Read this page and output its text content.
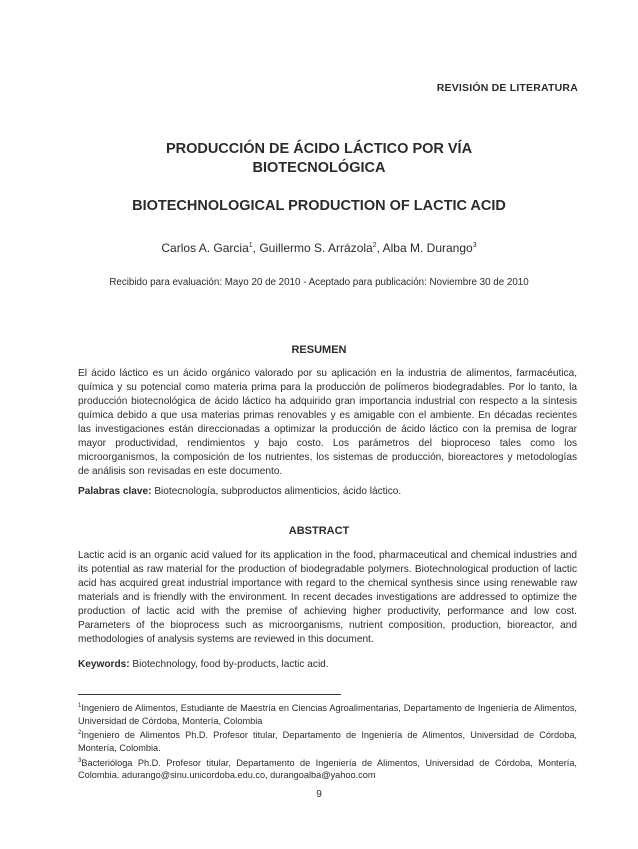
REVISIÓN DE LITERATURA
PRODUCCIÓN DE ÁCIDO LÁCTICO POR VÍA
BIOTECNOLÓGICA
BIOTECHNOLOGICAL PRODUCTION OF LACTIC ACID
Carlos A. Garcia$^1$, Guillermo S. Arrázola$^2$, Alba M. Durango$^3$
Recibido para evaluación: Mayo 20 de 2010 - Aceptado para publicación: Noviembre 30 de 2010
RESUMEN
El ácido láctico es un ácido orgánico valorado por su aplicación en la industria de alimentos, farmacéutica, química y su potencial como materia prima para la producción de polímeros biodegradables. Por lo tanto, la producción biotecnológica de ácido láctico ha adquirido gran importancia industrial con respecto a la síntesis química debido a que usa materias primas renovables y es amigable con el ambiente. En décadas recientes las investigaciones están direccionadas a optimizar la producción de ácido láctico con la premisa de lograr mayor productividad, rendimientos y bajo costo. Los parámetros del bioproceso tales como los microorganismos, la composición de los nutrientes, los sistemas de producción, bioreactores y metodologías de análisis son revisadas en este documento.
Palabras clave: Biotecnología, subproductos alimenticios, ácido láctico.
ABSTRACT
Lactic acid is an organic acid valued for its application in the food, pharmaceutical and chemical industries and its potential as raw material for the production of biodegradable polymers. Biotechnological production of lactic acid has acquired great industrial importance with regard to the chemical synthesis since using renewable raw materials and is friendly with the environment. In recent decades investigations are addressed to optimize the production of lactic acid with the premise of achieving higher productivity, performance and low cost. Parameters of the bioprocess such as microorganisms, nutrient composition, production, bioreactor, and methodologies of analysis systems are reviewed in this document.
Keywords: Biotechnology, food by-products, lactic acid.

$^1$Ingeniero de Alimentos, Estudiante de Maestría en Ciencias Agroalimentarias, Departamento de Ingeniería de Alimentos, Universidad de Córdoba, Montería, Colombia

$^2$Ingeniero de Alimentos Ph.D. Profesor titular, Departamento de Ingeniería de Alimentos, Universidad de Córdoba, Montería, Colombia.

$^3$Bacterióloga Ph.D. Profesor titular, Departamento de Ingeniería de Alimentos, Universidad de Córdoba, Montería, Colombia. adurango@sinu.unicordoba.edu.co, durangoalba@yahoo.com

9
